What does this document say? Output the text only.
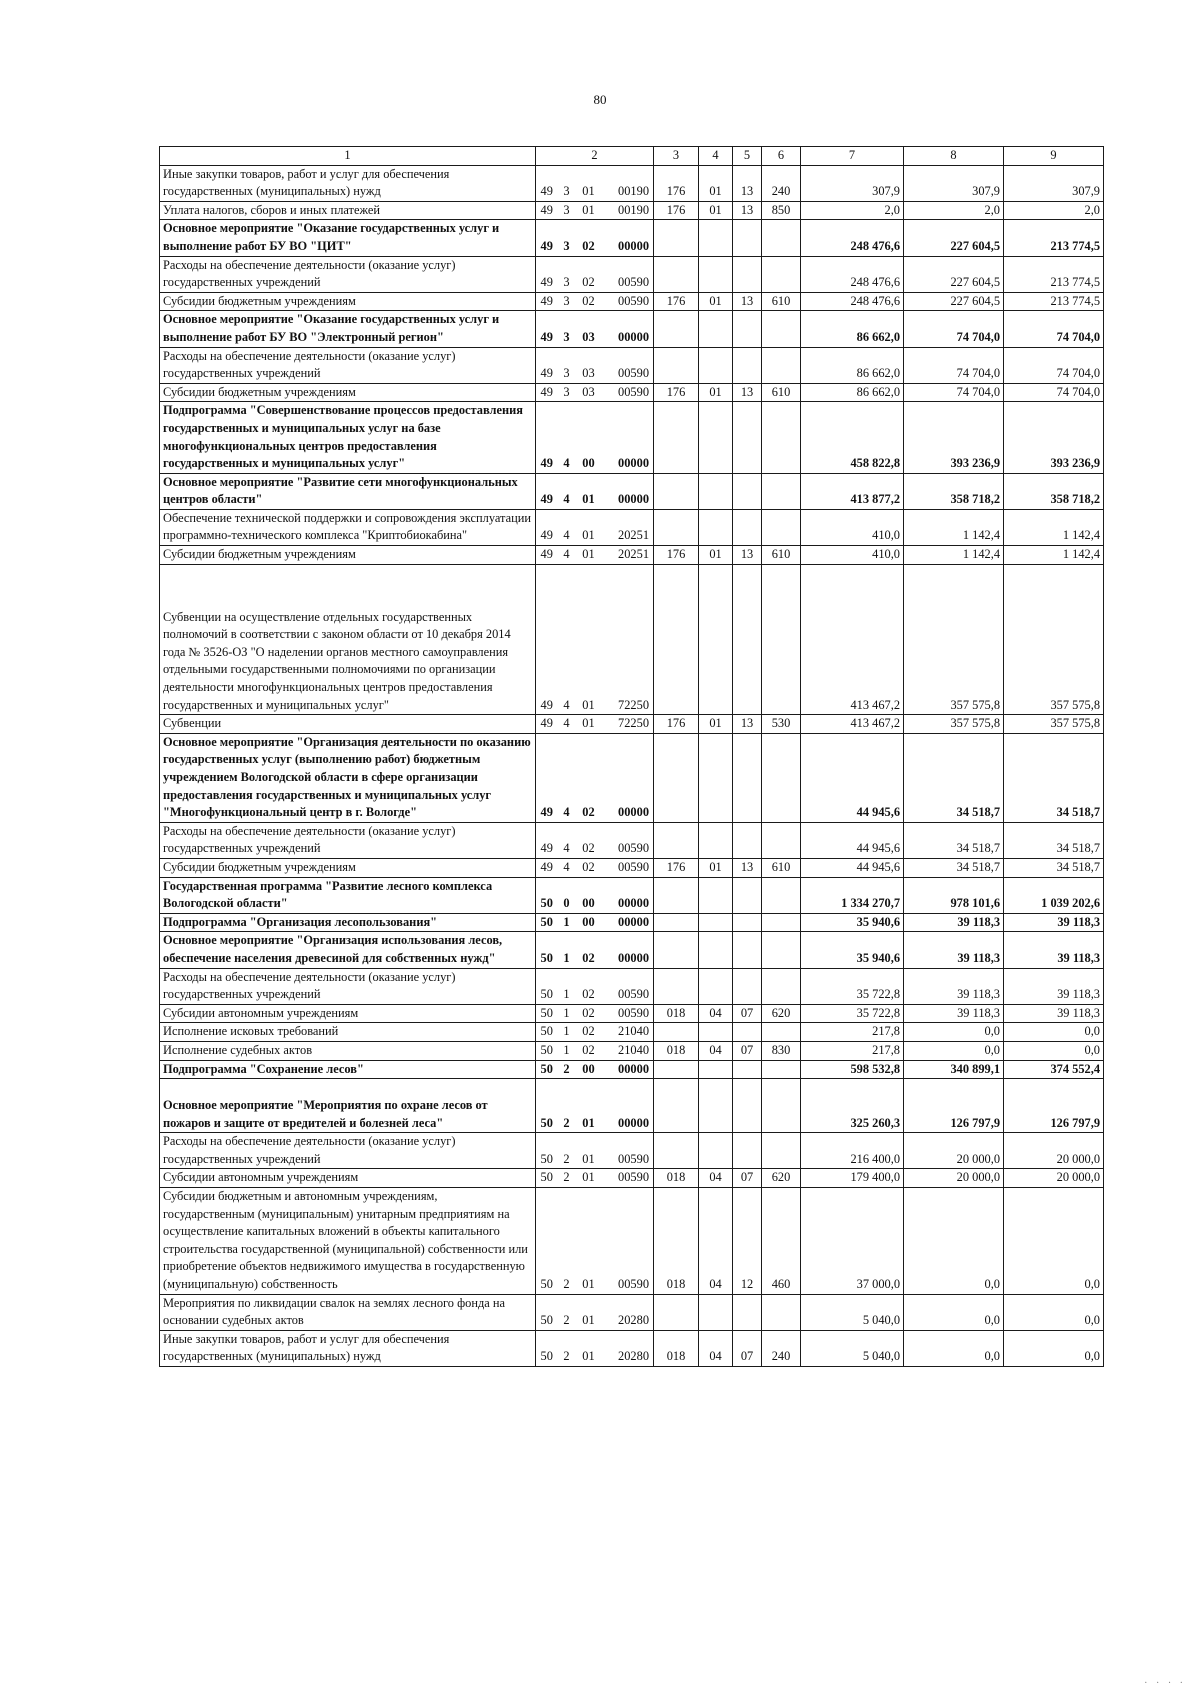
80
1	2				3	4	5	6	7	8	9
Иные закупки товаров, работ и услуг для обеспечения государственных (муниципальных) нужд	49	3	01	00190	176	01	13	240	307,9	307,9	307,9
Уплата налогов, сборов и иных платежей	49	3	01	00190	176	01	13	850	2,0	2,0	2,0
Основное мероприятие "Оказание государственных услуг и выполнение работ БУ ВО "ЦИТ"	49	3	02	00000					248 476,6	227 604,5	213 774,5
Расходы на обеспечение деятельности (оказание услуг) государственных учреждений	49	3	02	00590					248 476,6	227 604,5	213 774,5
Субсидии бюджетным учреждениям	49	3	02	00590	176	01	13	610	248 476,6	227 604,5	213 774,5
Основное мероприятие "Оказание государственных услуг и выполнение работ БУ ВО "Электронный регион"	49	3	03	00000					86 662,0	74 704,0	74 704,0
Расходы на обеспечение деятельности (оказание услуг) государственных учреждений	49	3	03	00590					86 662,0	74 704,0	74 704,0
Субсидии бюджетным учреждениям	49	3	03	00590	176	01	13	610	86 662,0	74 704,0	74 704,0
Подпрограмма "Совершенствование процессов предоставления государственных и муниципальных услуг на базе многофункциональных центров предоставления государственных и муниципальных услуг"	49	4	00	00000					458 822,8	393 236,9	393 236,9
Основное мероприятие "Развитие сети многофункциональных центров области"	49	4	01	00000					413 877,2	358 718,2	358 718,2
Обеспечение технической поддержки и сопровождения эксплуатации программно-технического комплекса "Криптобиокабина"	49	4	01	20251					410,0	1 142,4	1 142,4
Субсидии бюджетным учреждениям	49	4	01	20251	176	01	13	610	410,0	1 142,4	1 142,4
Субвенции на осуществление отдельных государственных полномочий в соответствии с законом области от 10 декабря 2014 года № 3526-ОЗ "О наделении органов местного самоуправления отдельными государственными полномочиями по организации деятельности многофункциональных центров предоставления государственных и муниципальных услуг"	49	4	01	72250					413 467,2	357 575,8	357 575,8
Субвенции	49	4	01	72250	176	01	13	530	413 467,2	357 575,8	357 575,8
Основное мероприятие "Организация деятельности по оказанию государственных услуг (выполнению работ) бюджетным учреждением Вологодской области в сфере организации предоставления государственных и муниципальных услуг "Многофункциональный центр в г. Вологде"	49	4	02	00000					44 945,6	34 518,7	34 518,7
Расходы на обеспечение деятельности (оказание услуг) государственных учреждений	49	4	02	00590					44 945,6	34 518,7	34 518,7
Субсидии бюджетным учреждениям	49	4	02	00590	176	01	13	610	44 945,6	34 518,7	34 518,7
Государственная программа "Развитие лесного комплекса Вологодской области"	50	0	00	00000					1 334 270,7	978 101,6	1 039 202,6
Подпрограмма "Организация лесопользования"	50	1	00	00000					35 940,6	39 118,3	39 118,3
Основное мероприятие "Организация использования лесов, обеспечение населения древесиной для собственных нужд"	50	1	02	00000					35 940,6	39 118,3	39 118,3
Расходы на обеспечение деятельности (оказание услуг) государственных учреждений	50	1	02	00590					35 722,8	39 118,3	39 118,3
Субсидии автономным учреждениям	50	1	02	00590	018	04	07	620	35 722,8	39 118,3	39 118,3
Исполнение исковых требований	50	1	02	21040					217,8	0,0	0,0
Исполнение судебных актов	50	1	02	21040	018	04	07	830	217,8	0,0	0,0
Подпрограмма "Сохранение лесов"	50	2	00	00000					598 532,8	340 899,1	374 552,4
Основное мероприятие "Мероприятия по охране лесов от пожаров и защите от вредителей и болезней леса"	50	2	01	00000					325 260,3	126 797,9	126 797,9
Расходы на обеспечение деятельности (оказание услуг) государственных учреждений	50	2	01	00590					216 400,0	20 000,0	20 000,0
Субсидии автономным учреждениям	50	2	01	00590	018	04	07	620	179 400,0	20 000,0	20 000,0
Субсидии бюджетным и автономным учреждениям, государственным (муниципальным) унитарным предприятиям на осуществление капитальных вложений в объекты капитального строительства государственной (муниципальной) собственности или приобретение объектов недвижимого имущества в государственную (муниципальную) собственность	50	2	01	00590	018	04	12	460	37 000,0	0,0	0,0
Мероприятия по ликвидации свалок на землях лесного фонда на основании судебных актов	50	2	01	20280					5 040,0	0,0	0,0
Иные закупки товаров, работ и услуг для обеспечения государственных (муниципальных) нужд	50	2	01	20280	018	04	07	240	5 040,0	0,0	0,0
· · · ·
